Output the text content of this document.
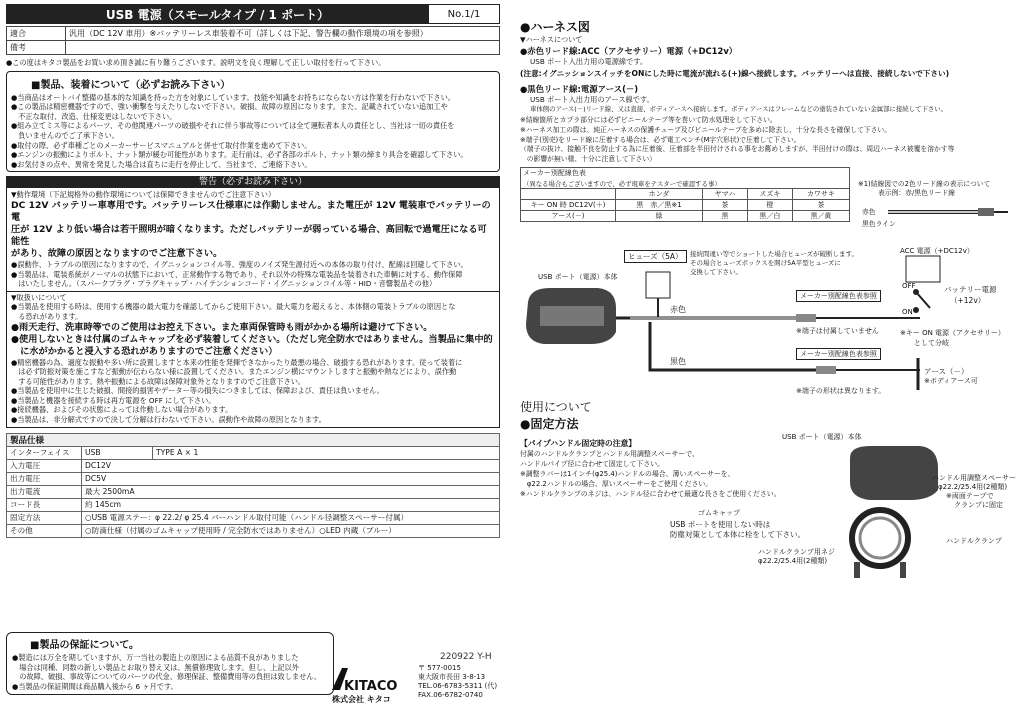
USB 電源（スモールタイプ / 1 ポート）	No.1/1
適合	汎用（DC 12V 車用）※バッテリーレス車装着不可（詳しくは下記、警告欄の動作環境の項を参照）
備考	
●この度はキタコ製品をお買い求め頂き誠に有り難うございます。説明文を良く理解して正しい取付を行って下さい。
■製品、装着について（必ずお読み下さい）
●当商品はオートバイ整備の基本的な知識を持った方を対象にしています。技能や知識をお持ちにならない方は作業を行わないで下さい。
●この製品は精密機器ですので、強い衝撃を与えたりしないで下さい。破損、故障の原因になります。また、記載されていない追加工や
　不正な取付、改造、仕様変更はしないで下さい。
●組み立てミス等によるパーツ、その他関連パーツの破損やそれに伴う事故等については全て運転者本人の責任とし、当社は一切の責任を
　負いませんのでご了承下さい。
●取付の際、必ず車種ごとのメーカーサービスマニュアルと併せて取付作業を進めて下さい。
●エンジンの振動によりボルト、ナット類が緩む可能性があります。走行前は、必ず各部のボルト、ナット類の締まり具合を確認して下さい。
●お気付きの点や、異常を発見した場合は直ちに走行を停止して、当社まで、ご連絡下さい。
警告（必ずお読み下さい）
▼動作環境（下記規格外の動作環境については保障できませんのでご注意下さい）
DC 12V バッテリー車専用です。バッテリーレス仕様車には作動しません。また電圧が 12V 電装車でバッテリーの電
圧が 12V より低い場合は若干照明が暗くなります。ただしバッテリーが弱っている場合、高回転で過電圧になる可能性
があり、故障の原因となりますのでご注意下さい。
●誤動作、トラブルの原因になりますので、イグニッションコイル等、強度のノイズ発生源付近への本体の取り付け、配線は回避して下さい。
●当製品は、電装系統がノーマルの状態下において、正常動作する物であり、それ以外の特殊な電装品を装着された車輌に対する、動作保障
　はいたしません。（スパークプラグ・プラグキャップ・ハイテンションコード・イグニッションコイル等・HID・音響製品その他）
▼取扱いについて
●当製品を使用する時は、使用する機器の最大電力を確認してからご使用下さい。最大電力を超えると、本体側の電装トラブルの原因とな
　る恐れがあります。
●雨天走行、洗車時等でのご使用はお控え下さい。また車両保管時も雨がかかる場所は避けて下さい。
●使用しないときは付属のゴムキャップを必ず装着してください。（ただし完全防水ではありません。当製品に集中的
　に水がかかると浸入する恐れがありますのでご注意ください）
●精密機器の為、過度な振動や多い所に設置しますと本来の性能を発揮できなかったり最悪の場合、破損する恐れがあります。従って装着に
　は必ず防振対策を施こすなど振動が伝わらない様に設置してください。またエンジン横にマウントしますと振動や熱などにより、誤作動
　する可能性があります。熱や振動による故障は保障対象外となりますのでご注意下さい。
●当製品を使用中に生じた破損、間接的損害やデーター等の損失につきましては、保障および、責任は負いません。
●当製品と機器を接続する時は再方電源を OFF にして下さい。
●接続機器、およびその状態によっては作動しない場合があります。
●当製品は、非分解式ですので決して分解は行わないで下さい。誤動作や故障の原因となります。
製品仕様		
インターフェイス	USB	TYPE A × 1
入力電圧	DC12V	
出力電圧	DC5V	
出力電流	最大 2500mA	
コード長	約 145cm	
固定方法	○USB 電源ステー：φ 22.2/ φ 25.4 バーハンドル取付可能（ハンドル径調整スペーサー付属）	
その他	○防滴仕様（付属のゴムキャップ使用時 / 完全防水ではありません）○LED 内蔵（ブルー）	
■製品の保証について。
●製造には万全を期していますが、万一当社の製造上の原因による品質不良がありました
　場合は同種、同数の新しい製品とお取り替え又は、無償修理致します。但し、上記以外
　の故障、破損、事故等についてのパーツの代金、修理保証、整備費用等の負担は致しません。
●当製品の保証期間は商品購入後から 6 ヶ月です。
220922 Y-H
KITACO
株式会社 キタコ
〒 577-0015
東大阪市長田 3-8-13
TEL.06-6783-5311 (代)
FAX.06-6782-0740
●ハーネス図
▼ハーネスについて
●赤色リード線:ACC（アクセサリー）電源（+DC12v）
USB ポート入出力用の電源線です。
(注意:イグニッションスイッチをONにした時に電流が流れる(+)線へ接続します。バッテリーへは直接、接続しないで下さい)
●黒色リード線:電源アース(－)
USB ポート入出力用のアース線です。
車体側のアース(－)リード線、又は直接、ボディアースへ接続します。ボディアースはフレームなどの塗装されていない金属部に接続して下さい。
※結線箇所とカプラ部分には必ずビニールテープ等を巻いて防水処理をして下さい。
※ハーネス加工の際は、純正ハーネスの保護チューブ及びビニールテープを多めに除去し、十分な長さを確保して下さい。
※端子(別売)をリード線に圧着する場合は、必ず電工ペンチ(M字穴形状)で圧着して下さい。
（端子の抜け、接触不良を防止する為に圧着後、圧着部を半田付けされる事をお薦めしますが、半田付けの際は、周辺ハーネス被覆を溶かす等
　の影響が無い様、十分に注意して下さい）
メーカー別配線色表				
（異なる場合もございますので、必ず現車をテスターで確認する事）				
	ホンダ	ヤマハ	スズキ	カワサキ
キー ON 時 DC12V(＋)	黒　赤／黒※1	茶	橙	茶
アース(－)	緑	黒	黒／白	黒／黄
※1)結線図での2色リード線の表示について
表示例：赤/黒色リード線
赤色
黒色ライン
USB ポート（電源）本体
ヒューズ（5A）	接続間違い等でショートした場合ヒューズが破断します。
その場合ヒューズボックスを開け5A平型ヒューズに
交換して下さい。
赤色
黒色
メーカー別配線色表参照
メーカー別配線色表参照
※端子は付属していません
※端子の形状は異なります。
ACC 電源（+DC12v）
OFF
ON
バッテリー電源
（+12v）
※キー ON 電源（アクセサリー）
として分岐
アース（－）
※ボディアース可
使用について
●固定方法
【パイプハンドル固定時の注意】
付属のハンドルクランプとハンドル用調整スペーサーで、
ハンドルパイプ径に合わせて固定して下さい。
※調整ラバーは1インチ(φ25.4)ハンドルの場合、薄いスペーサーを、
　φ22.2ハンドルの場合、厚いスペーサーをご使用ください。
※ハンドルクランプのネジは、ハンドル径に合わせて最適な長さをご使用ください。
USB ポート（電源）本体
ハンドル用調整スペーサー
φ22.2/25.4用(2種類)
※両面テープで
クランプに固定
ゴムキャップ
USB ポートを使用しない時は
防塵対策として本体に栓をして下さい。
ハンドルクランプ
ハンドルクランプ用ネジ
φ22.2/25.4用(2種類)
